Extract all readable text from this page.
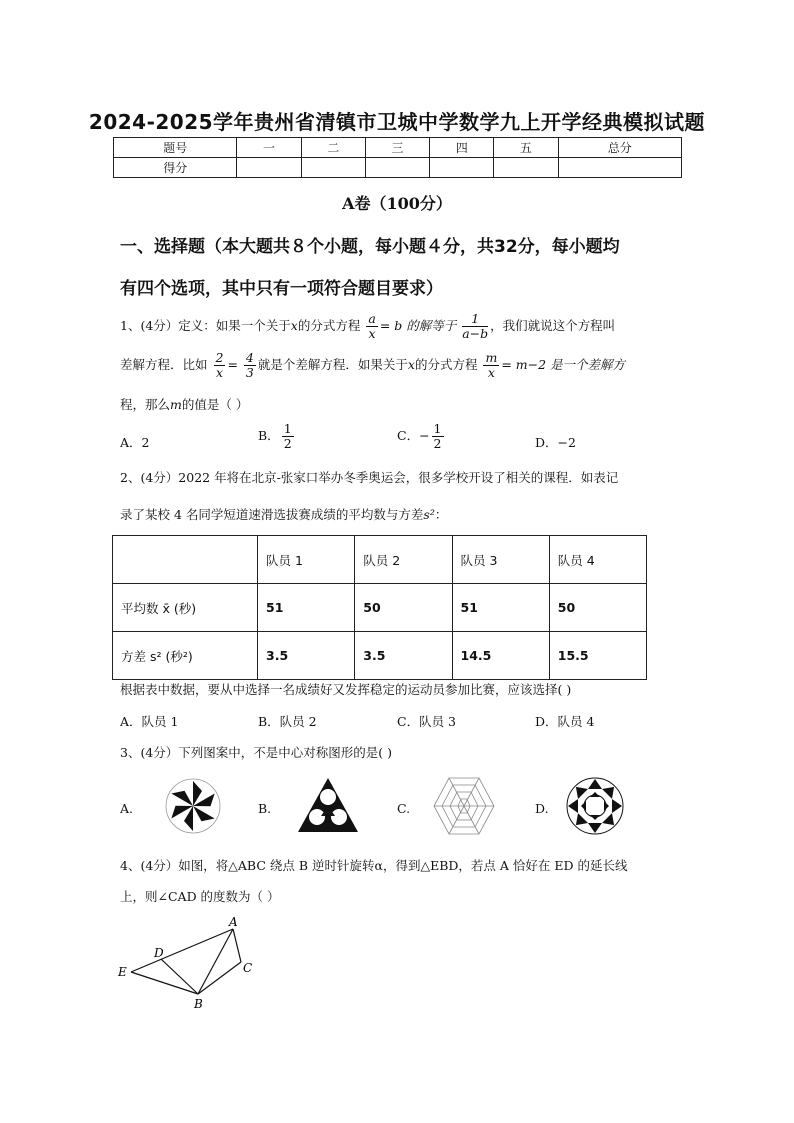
2024-2025学年贵州省清镇市卫城中学数学九上开学经典模拟试题
题号	一	二	三	四	五	总分
得分						
A卷（100分）
一、选择题（本大题共８个小题，每小题４分，共32分，每小题均
有四个选项，其中只有一项符合题目要求）
1、(4分）定义：如果一个关于x的分式方程 $\frac{a}{x} = b$ 的解等于 $\frac{1}{a-b}$ ，我们就说这个方程叫
差解方程．比如 $\frac{2}{x} = \frac{4}{3}$ 就是个差解方程．如果关于x的分式方程 $\frac{m}{x} = m-2$ 是一个差解方
程，那么m的值是（ ）
A．2	B． $\frac{1}{2}$	C．− $\frac{1}{2}$	D．−2
2、(4分）2022 年将在北京-张家口举办冬季奥运会，很多学校开设了相关的课程．如表记
录了某校 4 名同学短道速滑选拔赛成绩的平均数与方差s²：
	队员 1	队员 2	队员 3	队员 4
平均数 x̄ (秒)	51	50	51	50
方差 s² (秒²)	3.5	3.5	14.5	15.5
根据表中数据，要从中选择一名成绩好又发挥稳定的运动员参加比赛，应该选择( )
A．队员 1	B．队员 2	C．队员 3	D．队员 4
3、(4分）下列图案中，不是中心对称图形的是( )
A.	B.	C.	D.
4、(4分）如图，将△ABC 绕点 B 逆时针旋转α，得到△EBD，若点 A 恰好在 ED 的延长线
上，则∠CAD 的度数为（ ）
A
D
E	C
B
